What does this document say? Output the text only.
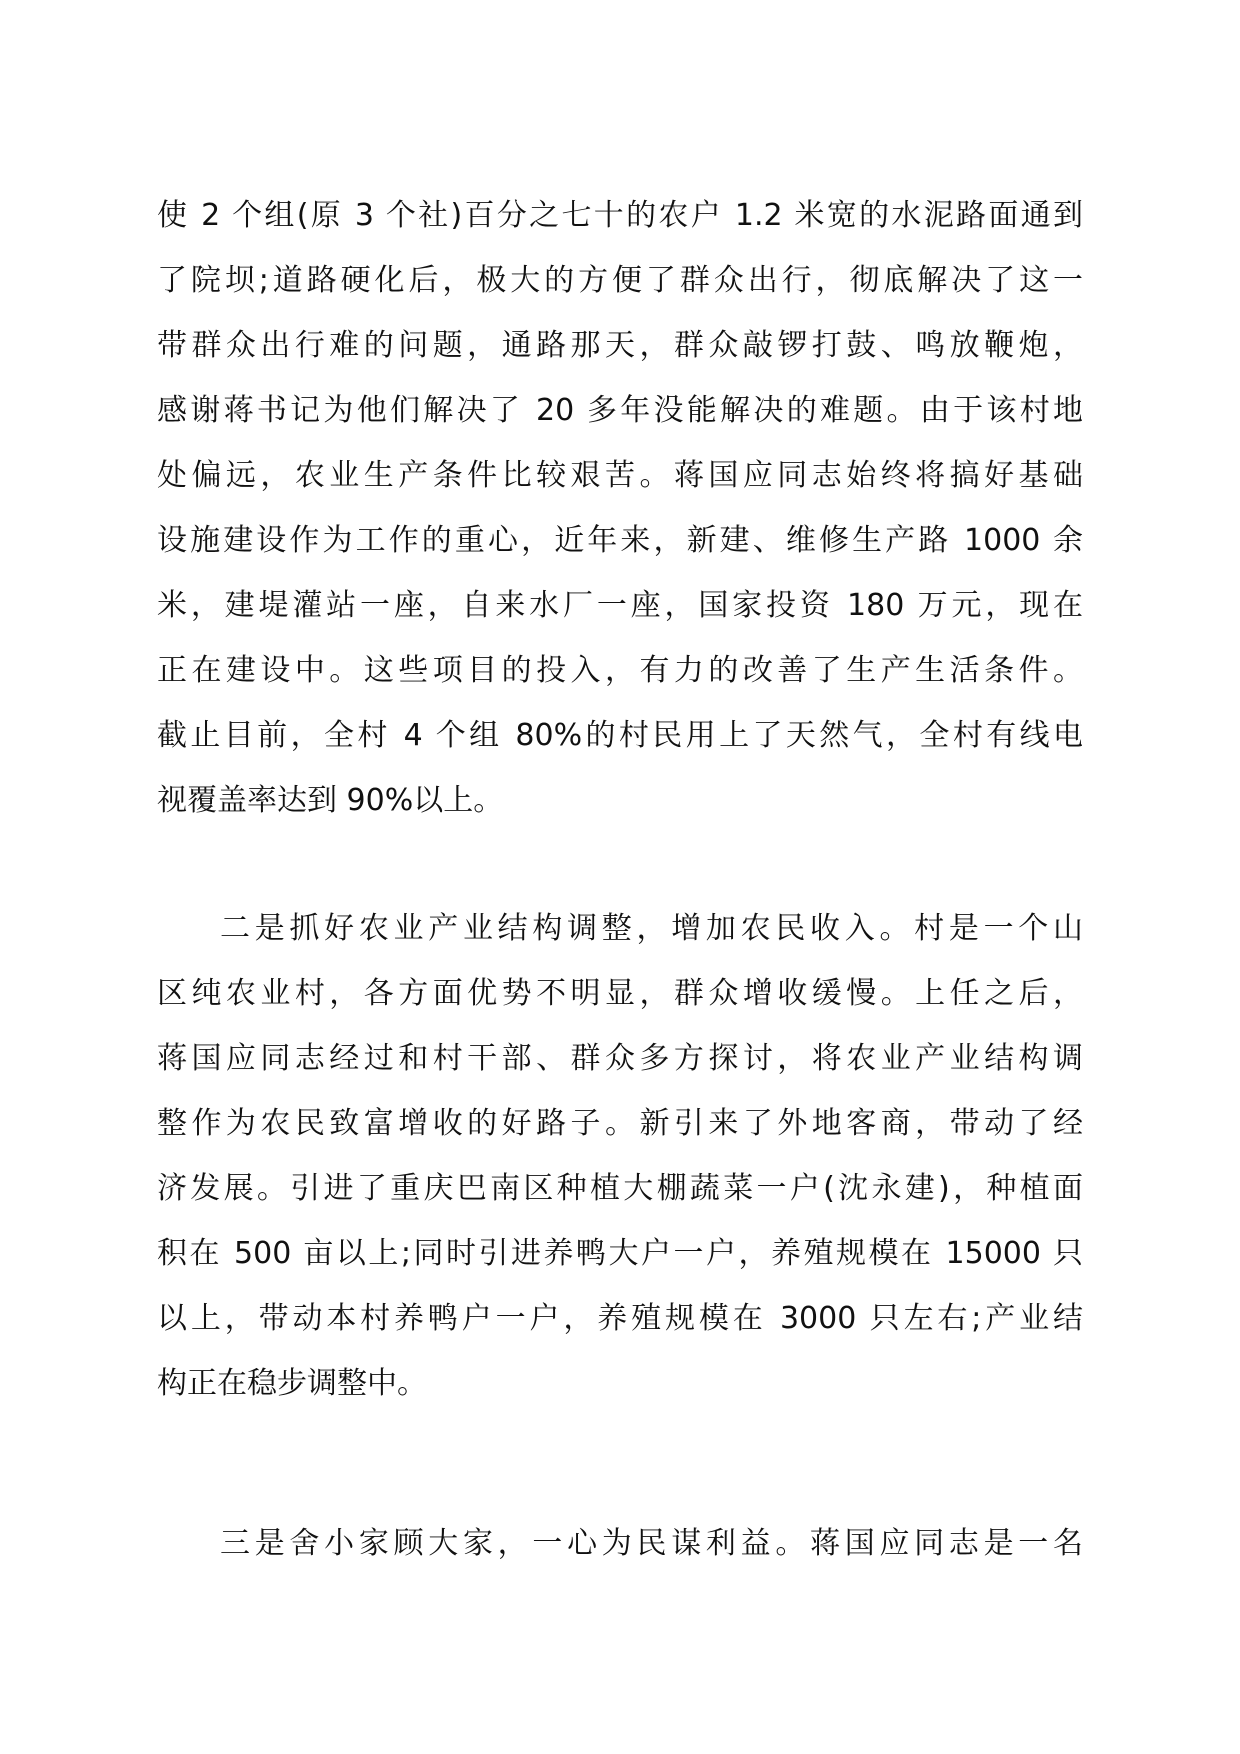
使 2 个组(原 3 个社)百分之七十的农户 1.2 米宽的水泥路面通到
了院坝;道路硬化后，极大的方便了群众出行，彻底解决了这一
带群众出行难的问题，通路那天，群众敲锣打鼓、鸣放鞭炮，
感谢蒋书记为他们解决了 20 多年没能解决的难题。由于该村地
处偏远，农业生产条件比较艰苦。蒋国应同志始终将搞好基础
设施建设作为工作的重心，近年来，新建、维修生产路 1000 余
米，建堤灌站一座，自来水厂一座，国家投资 180 万元，现在
正在建设中。这些项目的投入，有力的改善了生产生活条件。
截止目前，全村 4 个组 80%的村民用上了天然气，全村有线电
视覆盖率达到 90%以上。
二是抓好农业产业结构调整，增加农民收入。村是一个山
区纯农业村，各方面优势不明显，群众增收缓慢。上任之后，
蒋国应同志经过和村干部、群众多方探讨，将农业产业结构调
整作为农民致富增收的好路子。新引来了外地客商，带动了经
济发展。引进了重庆巴南区种植大棚蔬菜一户(沈永建)，种植面
积在 500 亩以上;同时引进养鸭大户一户，养殖规模在 15000 只
以上，带动本村养鸭户一户，养殖规模在 3000 只左右;产业结
构正在稳步调整中。
三是舍小家顾大家，一心为民谋利益。蒋国应同志是一名
